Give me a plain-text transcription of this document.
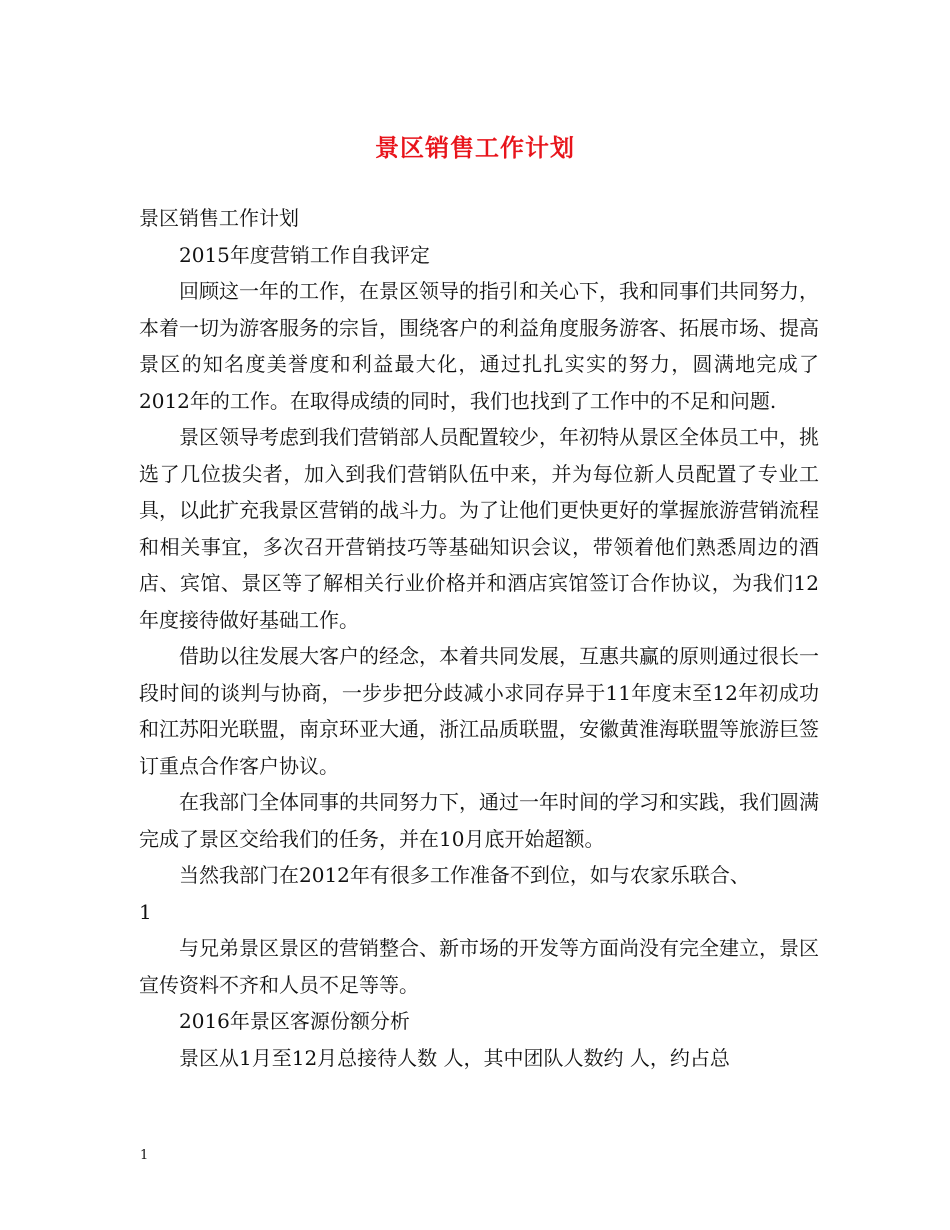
景区销售工作计划

景区销售工作计划

2015年度营销工作自我评定

回顾这一年的工作，在景区领导的指引和关心下，我和同事们共同努力，本着一切为游客服务的宗旨，围绕客户的利益角度服务游客、拓展市场、提高景区的知名度美誉度和利益最大化，通过扎扎实实的努力，圆满地完成了2012年的工作。在取得成绩的同时，我们也找到了工作中的不足和问题.

景区领导考虑到我们营销部人员配置较少，年初特从景区全体员工中，挑选了几位拔尖者，加入到我们营销队伍中来，并为每位新人员配置了专业工具，以此扩充我景区营销的战斗力。为了让他们更快更好的掌握旅游营销流程和相关事宜，多次召开营销技巧等基础知识会议，带领着他们熟悉周边的酒店、宾馆、景区等了解相关行业价格并和酒店宾馆签订合作协议，为我们12年度接待做好基础工作。

借助以往发展大客户的经念，本着共同发展，互惠共赢的原则通过很长一段时间的谈判与协商，一步步把分歧减小求同存异于11年度末至12年初成功和江苏阳光联盟，南京环亚大通，浙江品质联盟，安徽黄淮海联盟等旅游巨签订重点合作客户协议。

在我部门全体同事的共同努力下，通过一年时间的学习和实践，我们圆满完成了景区交给我们的任务，并在10月底开始超额。

当然我部门在2012年有很多工作准备不到位，如与农家乐联合、

1

与兄弟景区景区的营销整合、新市场的开发等方面尚没有完全建立，景区宣传资料不齐和人员不足等等。

2016年景区客源份额分析

景区从1月至12月总接待人数 人，其中团队人数约 人，约占总

1
